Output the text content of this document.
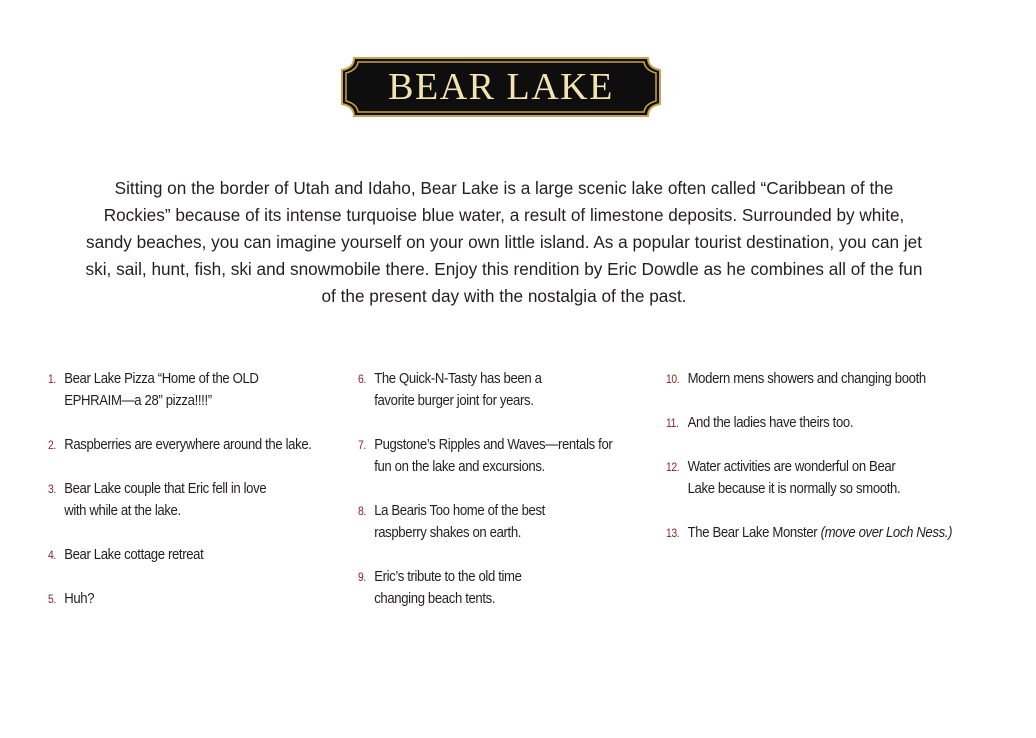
BEAR LAKE

Sitting on the border of Utah and Idaho, Bear Lake is a large scenic lake often called “Caribbean of the Rockies” because of its intense turquoise blue water, a result of limestone deposits. Surrounded by white, sandy beaches, you can imagine yourself on your own little island. As a popular tourist destination, you can jet ski, sail, hunt, fish, ski and snowmobile there. Enjoy this rendition by Eric Dowdle as he combines all of the fun of the present day with the nostalgia of the past.

1. Bear Lake Pizza “Home of the OLD EPHRAIM—a 28” pizza!!!!”
2. Raspberries are everywhere around the lake.
3. Bear Lake couple that Eric fell in love with while at the lake.
4. Bear Lake cottage retreat
5. Huh?
6. The Quick-N-Tasty has been a favorite burger joint for years.
7. Pugstone’s Ripples and Waves—rentals for fun on the lake and excursions.
8. La Bearis Too home of the best raspberry shakes on earth.
9. Eric’s tribute to the old time changing beach tents.
10. Modern mens showers and changing booth
11. And the ladies have theirs too.
12. Water activities are wonderful on Bear Lake because it is normally so smooth.
13. The Bear Lake Monster (move over Loch Ness.)
